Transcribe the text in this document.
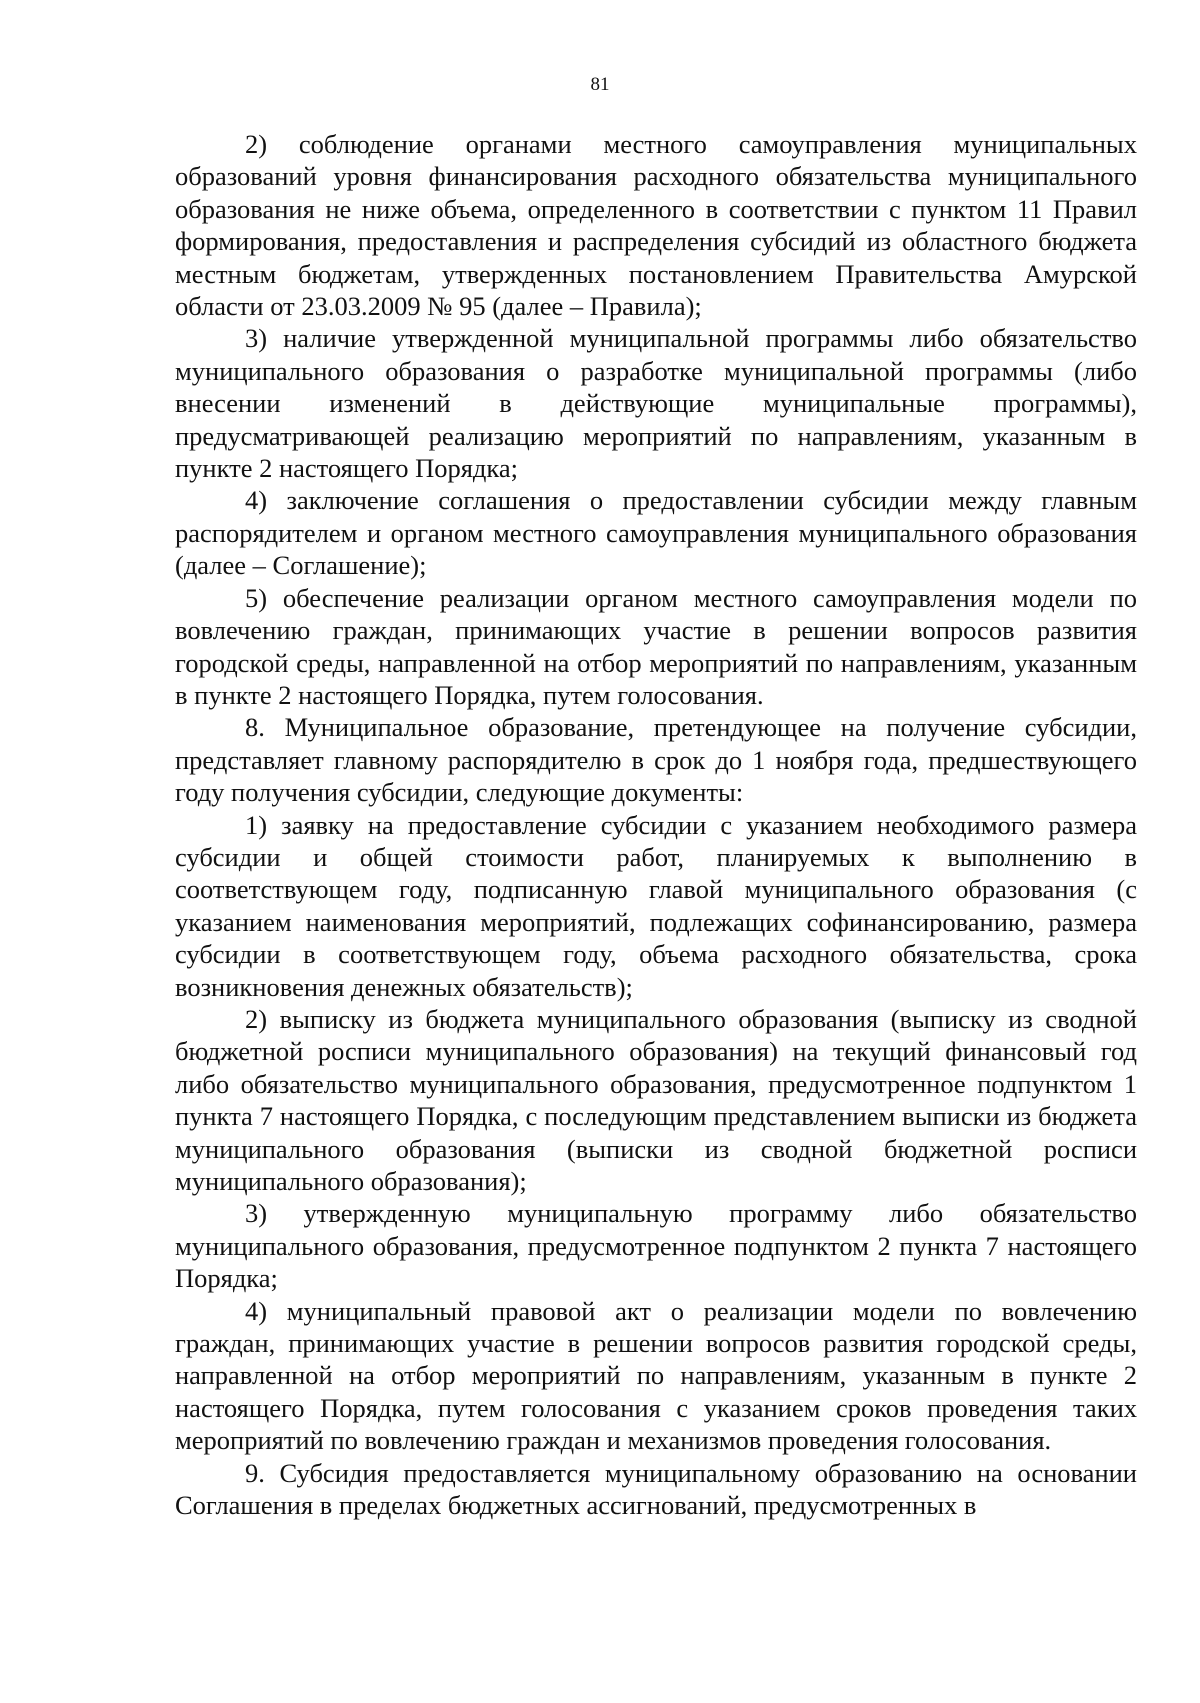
81

2) соблюдение органами местного самоуправления муниципальных образований уровня финансирования расходного обязательства муниципального образования не ниже объема, определенного в соответствии с пунктом 11 Правил формирования, предоставления и распределения субсидий из областного бюджета местным бюджетам, утвержденных постановлением Правительства Амурской области от 23.03.2009 № 95 (далее – Правила);

3) наличие утвержденной муниципальной программы либо обязательство муниципального образования о разработке муниципальной программы (либо внесении изменений в действующие муниципальные программы), предусматривающей реализацию мероприятий по направлениям, указанным в пункте 2 настоящего Порядка;

4) заключение соглашения о предоставлении субсидии между главным распорядителем и органом местного самоуправления муниципального образования (далее – Соглашение);

5) обеспечение реализации органом местного самоуправления модели по вовлечению граждан, принимающих участие в решении вопросов развития городской среды, направленной на отбор мероприятий по направлениям, указанным в пункте 2 настоящего Порядка, путем голосования.

8. Муниципальное образование, претендующее на получение субсидии, представляет главному распорядителю в срок до 1 ноября года, предшествующего году получения субсидии, следующие документы:

1) заявку на предоставление субсидии с указанием необходимого размера субсидии и общей стоимости работ, планируемых к выполнению в соответствующем году, подписанную главой муниципального образования (с указанием наименования мероприятий, подлежащих софинансированию, размера субсидии в соответствующем году, объема расходного обязательства, срока возникновения денежных обязательств);

2) выписку из бюджета муниципального образования (выписку из сводной бюджетной росписи муниципального образования) на текущий финансовый год либо обязательство муниципального образования, предусмотренное подпунктом 1 пункта 7 настоящего Порядка, с последующим представлением выписки из бюджета муниципального образования (выписки из сводной бюджетной росписи муниципального образования);

3) утвержденную муниципальную программу либо обязательство муниципального образования, предусмотренное подпунктом 2 пункта 7 настоящего Порядка;

4) муниципальный правовой акт о реализации модели по вовлечению граждан, принимающих участие в решении вопросов развития городской среды, направленной на отбор мероприятий по направлениям, указанным в пункте 2 настоящего Порядка, путем голосования с указанием сроков проведения таких мероприятий по вовлечению граждан и механизмов проведения голосования.

9. Субсидия предоставляется муниципальному образованию на основании Соглашения в пределах бюджетных ассигнований, предусмотренных в
